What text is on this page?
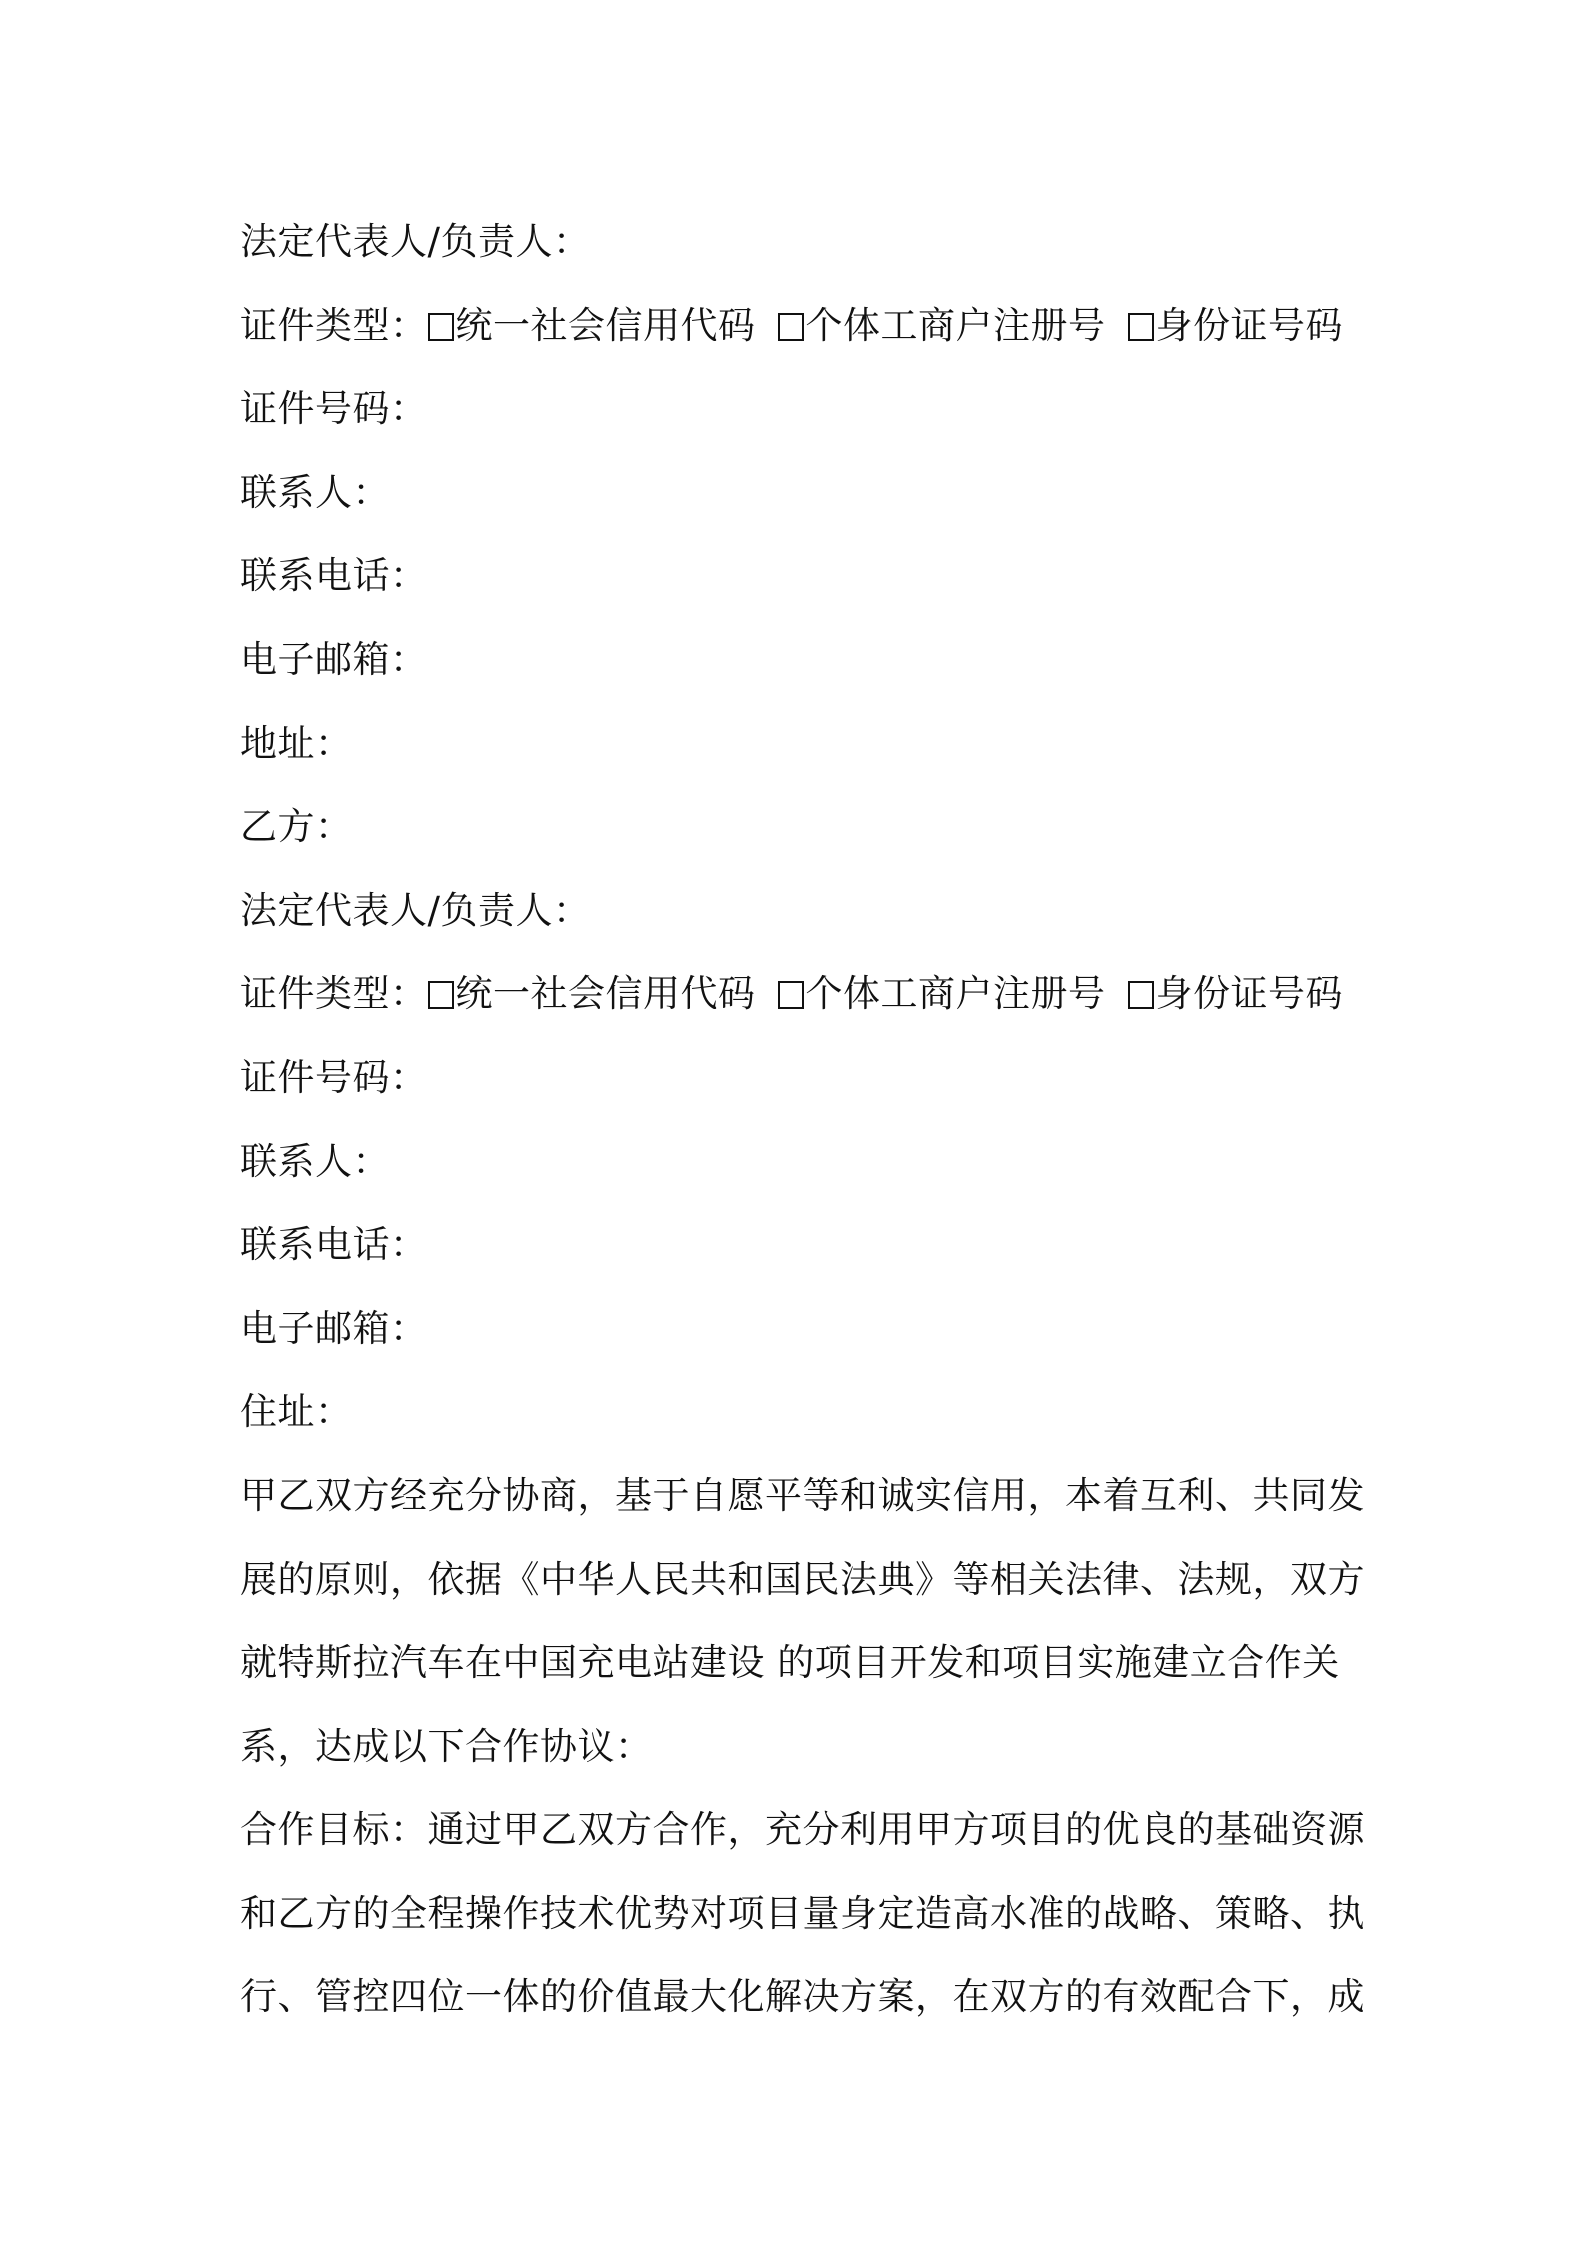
法定代表人/负责人：
证件类型： 统一社会信用代码 个体工商户注册号 身份证号码
证件号码：
联系人：
联系电话：
电子邮箱：
地址：
乙方：
法定代表人/负责人：
证件类型： 统一社会信用代码 个体工商户注册号 身份证号码
证件号码：
联系人：
联系电话：
电子邮箱：
住址：
甲乙双方经充分协商，基于自愿平等和诚实信用，本着互利、共同发
展的原则，依据《中华人民共和国民法典》等相关法律、法规，双方
就特斯拉汽车在中国充电站建设 的项目开发和项目实施建立合作关
系，达成以下合作协议：
合作目标：通过甲乙双方合作，充分利用甲方项目的优良的基础资源
和乙方的全程操作技术优势对项目量身定造高水准的战略、策略、执
行、管控四位一体的价值最大化解决方案，在双方的有效配合下，成
